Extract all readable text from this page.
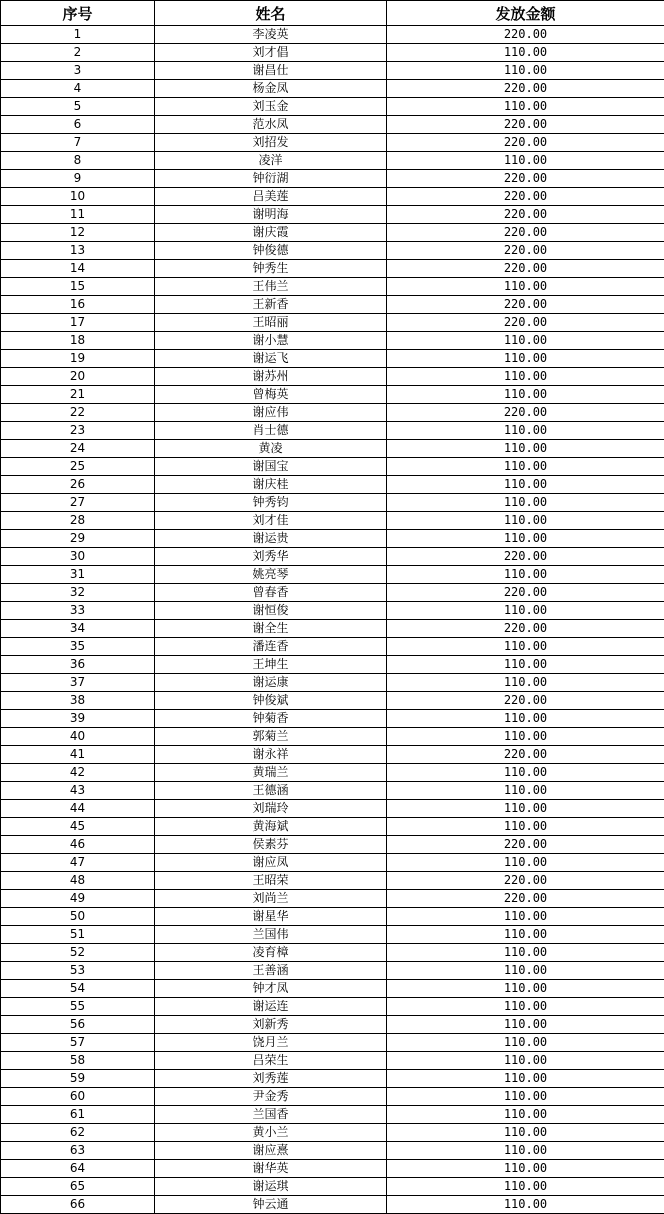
序号	姓名	发放金额
1	李凌英	220.00
2	刘才倡	110.00
3	谢昌仕	110.00
4	杨金凤	220.00
5	刘玉金	110.00
6	范水凤	220.00
7	刘招发	220.00
8	凌洋	110.00
9	钟衍湖	220.00
10	吕美莲	220.00
11	谢明海	220.00
12	谢庆霞	220.00
13	钟俊德	220.00
14	钟秀生	220.00
15	王伟兰	110.00
16	王新香	220.00
17	王昭丽	220.00
18	谢小慧	110.00
19	谢运飞	110.00
20	谢苏州	110.00
21	曾梅英	110.00
22	谢应伟	220.00
23	肖士德	110.00
24	黄凌	110.00
25	谢国宝	110.00
26	谢庆桂	110.00
27	钟秀钧	110.00
28	刘才佳	110.00
29	谢运贵	110.00
30	刘秀华	220.00
31	姚亮琴	110.00
32	曾春香	220.00
33	谢恒俊	110.00
34	谢全生	220.00
35	潘连香	110.00
36	王坤生	110.00
37	谢运康	110.00
38	钟俊斌	220.00
39	钟菊香	110.00
40	郭菊兰	110.00
41	谢永祥	220.00
42	黄瑞兰	110.00
43	王德涵	110.00
44	刘瑞玲	110.00
45	黄海斌	110.00
46	侯素芬	220.00
47	谢应凤	110.00
48	王昭荣	220.00
49	刘尚兰	220.00
50	谢星华	110.00
51	兰国伟	110.00
52	凌育樟	110.00
53	王善涵	110.00
54	钟才凤	110.00
55	谢运连	110.00
56	刘新秀	110.00
57	饶月兰	110.00
58	吕荣生	110.00
59	刘秀莲	110.00
60	尹金秀	110.00
61	兰国香	110.00
62	黄小兰	110.00
63	谢应熹	110.00
64	谢华英	110.00
65	谢运琪	110.00
66	钟云通	110.00
